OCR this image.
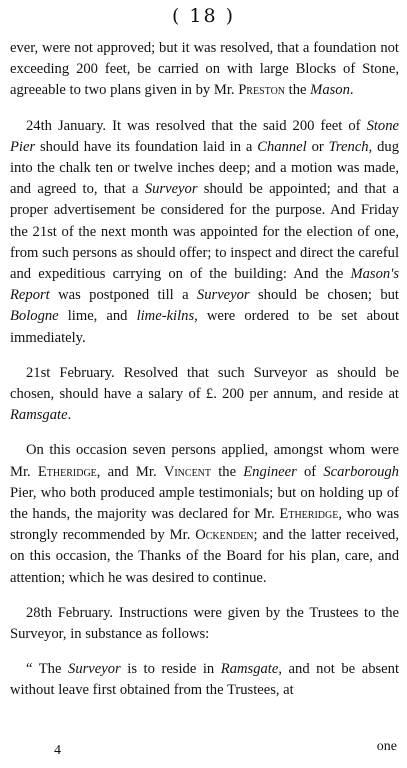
( 18 )

ever, were not approved; but it was resolved, that a foundation not exceeding 200 feet, be carried on with large Blocks of Stone, agreeable to two plans given in by Mr. Preston the Mason.

24th January. It was resolved that the said 200 feet of Stone Pier should have its foundation laid in a Channel or Trench, dug into the chalk ten or twelve inches deep; and a motion was made, and agreed to, that a Surveyor should be appointed; and that a proper advertisement be considered for the purpose. And Friday the 21st of the next month was appointed for the election of one, from such persons as should offer; to inspect and direct the careful and expeditious carrying on of the building: And the Mason's Report was postponed till a Surveyor should be chosen; but Bologne lime, and lime-kilns, were ordered to be set about immediately.

21st February. Resolved that such Surveyor as should be chosen, should have a salary of £. 200 per annum, and reside at Ramsgate.

On this occasion seven persons applied, amongst whom were Mr. Etheridge, and Mr. Vincent the Engineer of Scarborough Pier, who both produced ample testimonials; but on holding up of the hands, the majority was declared for Mr. Etheridge, who was strongly recommended by Mr. Ockenden; and the latter received, on this occasion, the Thanks of the Board for his plan, care, and attention; which he was desired to continue.

28th February. Instructions were given by the Trustees to the Surveyor, in substance as follows:

“ The Surveyor is to reside in Ramsgate, and not be absent without leave first obtained from the Trustees, at

4	one
